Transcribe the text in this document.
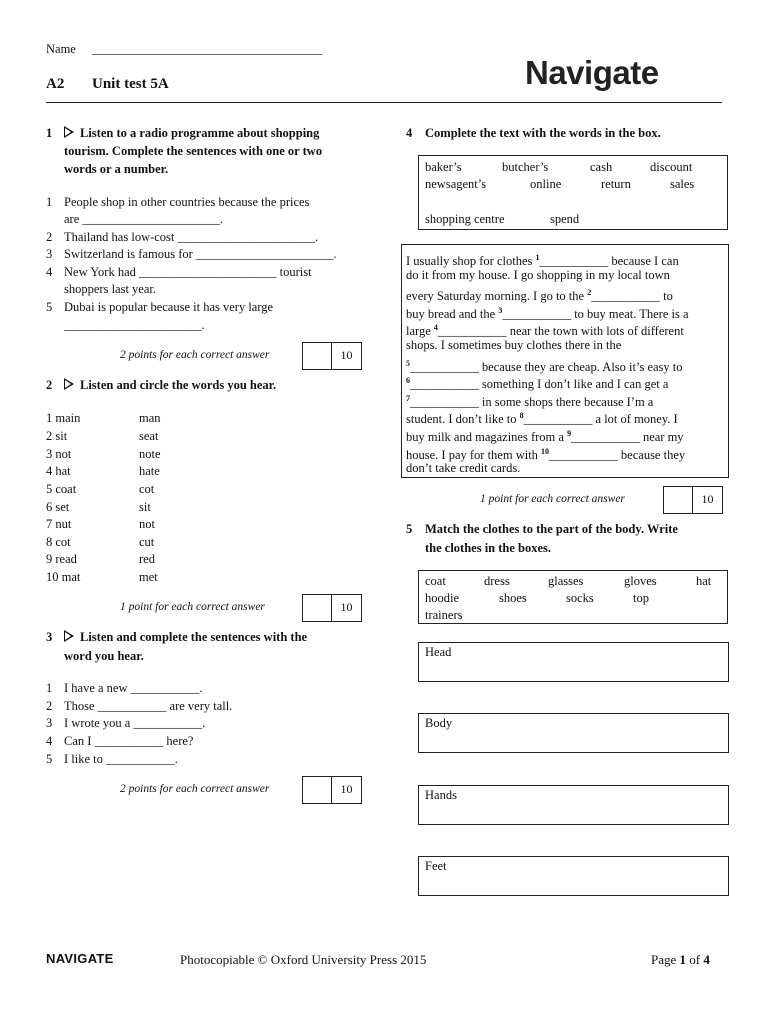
Name ________________________________________
A2 Unit test 5A	Navigate
1	Listen to a radio programme about shopping
tourism. Complete the sentences with one or two
words or a number.
1 People shop in other countries because the prices
are ______________________.
2 Thailand has low-cost ______________________.
3 Switzerland is famous for ______________________.
4 New York had ______________________ tourist
shoppers last year.
5 Dubai is popular because it has very large
______________________.
2 points for each correct answer	10
2	Listen and circle the words you hear.
1 main	man
2 sit	seat
3 not	note
4 hat	hate
5 coat	cot
6 set	sit
7 nut	not
8 cot	cut
9 read	red
10 mat	met
1 point for each correct answer	10
3	Listen and complete the sentences with the
word you hear.
1 I have a new ___________.
2 Those ___________ are very tall.
3 I wrote you a ___________.
4 Can I ___________ here?
5 I like to ___________.
2 points for each correct answer	10
4 Complete the text with the words in the box.
baker’s	butcher’s	cash	discount
newsagent’s	online	return	sales
shopping centre	spend
I usually shop for clothes $^1$___________ because I can
do it from my house. I go shopping in my local town
every Saturday morning. I go to the $^2$___________ to
buy bread and the $^3$___________ to buy meat. There is a
large $^4$___________ near the town with lots of different
shops. I sometimes buy clothes there in the
$^5$___________ because they are cheap. Also it’s easy to
$^6$___________ something I don’t like and I can get a
$^7$___________ in some shops there because I’m a
student. I don’t like to $^8$___________ a lot of money. I
buy milk and magazines from a $^9$___________ near my
house. I pay for them with $^{10}$___________ because they
don’t take credit cards.
1 point for each correct answer	10
5 Match the clothes to the part of the body. Write
the clothes in the boxes.
coat	dress	glasses	gloves	hat
hoodie	shoes	socks	top
trainers
Head
Body
Hands
Feet
NAVIGATE	Photocopiable © Oxford University Press 2015	Page 1 of 4
